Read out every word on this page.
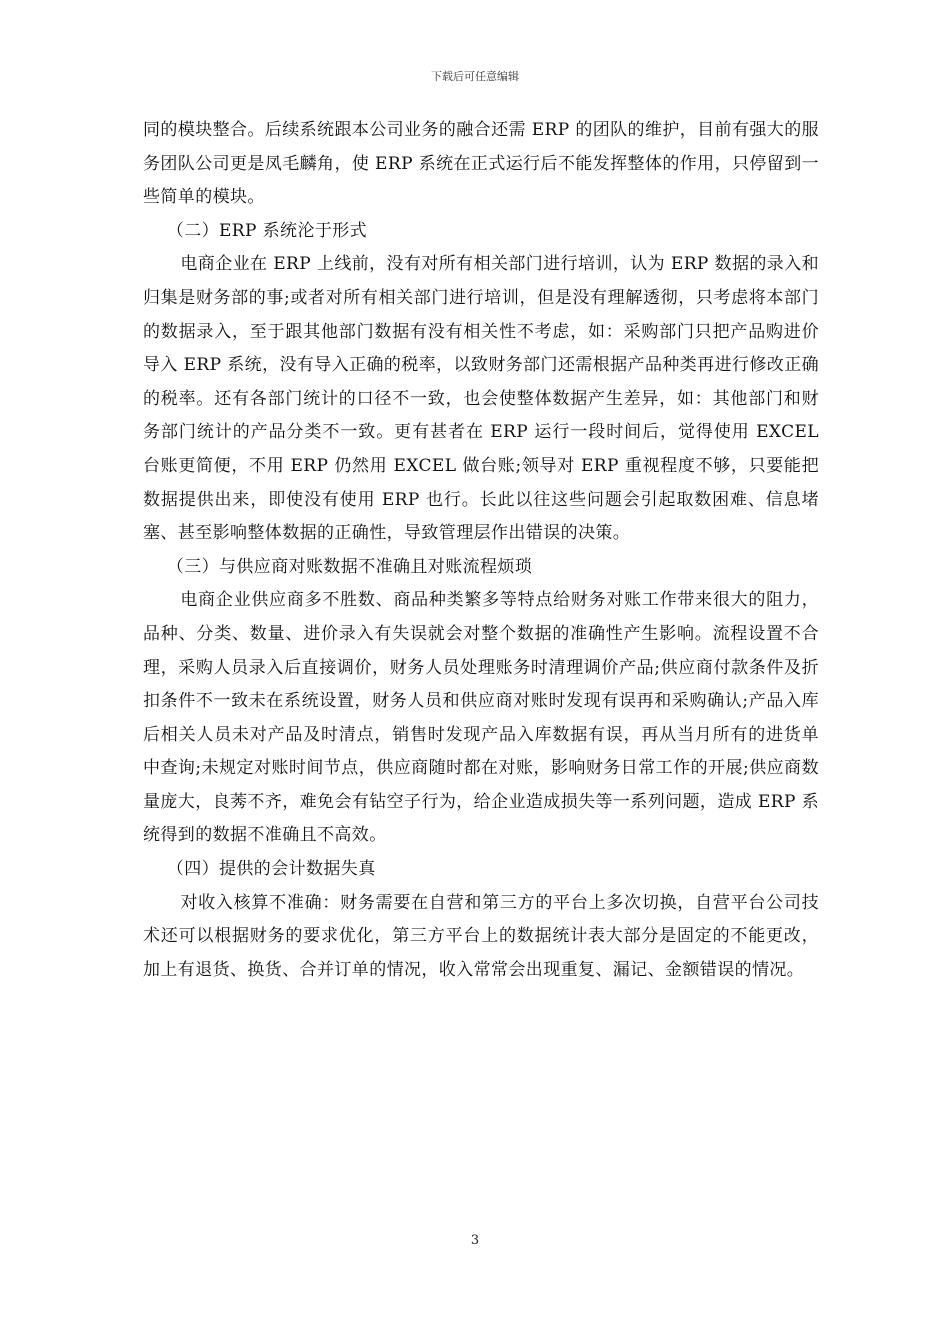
下载后可任意编辑

同的模块整合。后续系统跟本公司业务的融合还需 ERP 的团队的维护，目前有强大的服务团队公司更是凤毛麟角，使 ERP 系统在正式运行后不能发挥整体的作用，只停留到一些简单的模块。

（二）ERP 系统沦于形式

电商企业在 ERP 上线前，没有对所有相关部门进行培训，认为 ERP 数据的录入和归集是财务部的事;或者对所有相关部门进行培训，但是没有理解透彻，只考虑将本部门的数据录入，至于跟其他部门数据有没有相关性不考虑，如：采购部门只把产品购进价导入 ERP 系统，没有导入正确的税率，以致财务部门还需根据产品种类再进行修改正确的税率。还有各部门统计的口径不一致，也会使整体数据产生差异，如：其他部门和财务部门统计的产品分类不一致。更有甚者在 ERP 运行一段时间后，觉得使用 EXCEL 台账更简便，不用 ERP 仍然用 EXCEL 做台账;领导对 ERP 重视程度不够，只要能把数据提供出来，即使没有使用 ERP 也行。长此以往这些问题会引起取数困难、信息堵塞、甚至影响整体数据的正确性，导致管理层作出错误的决策。

（三）与供应商对账数据不准确且对账流程烦琐

电商企业供应商多不胜数、商品种类繁多等特点给财务对账工作带来很大的阻力，品种、分类、数量、进价录入有失误就会对整个数据的准确性产生影响。流程设置不合理，采购人员录入后直接调价，财务人员处理账务时清理调价产品;供应商付款条件及折扣条件不一致未在系统设置，财务人员和供应商对账时发现有误再和采购确认;产品入库后相关人员未对产品及时清点，销售时发现产品入库数据有误，再从当月所有的进货单中查询;未规定对账时间节点，供应商随时都在对账，影响财务日常工作的开展;供应商数量庞大，良莠不齐，难免会有钻空子行为，给企业造成损失等一系列问题，造成 ERP 系统得到的数据不准确且不高效。

（四）提供的会计数据失真

对收入核算不准确：财务需要在自营和第三方的平台上多次切换，自营平台公司技术还可以根据财务的要求优化，第三方平台上的数据统计表大部分是固定的不能更改，加上有退货、换货、合并订单的情况，收入常常会出现重复、漏记、金额错误的情况。

3
